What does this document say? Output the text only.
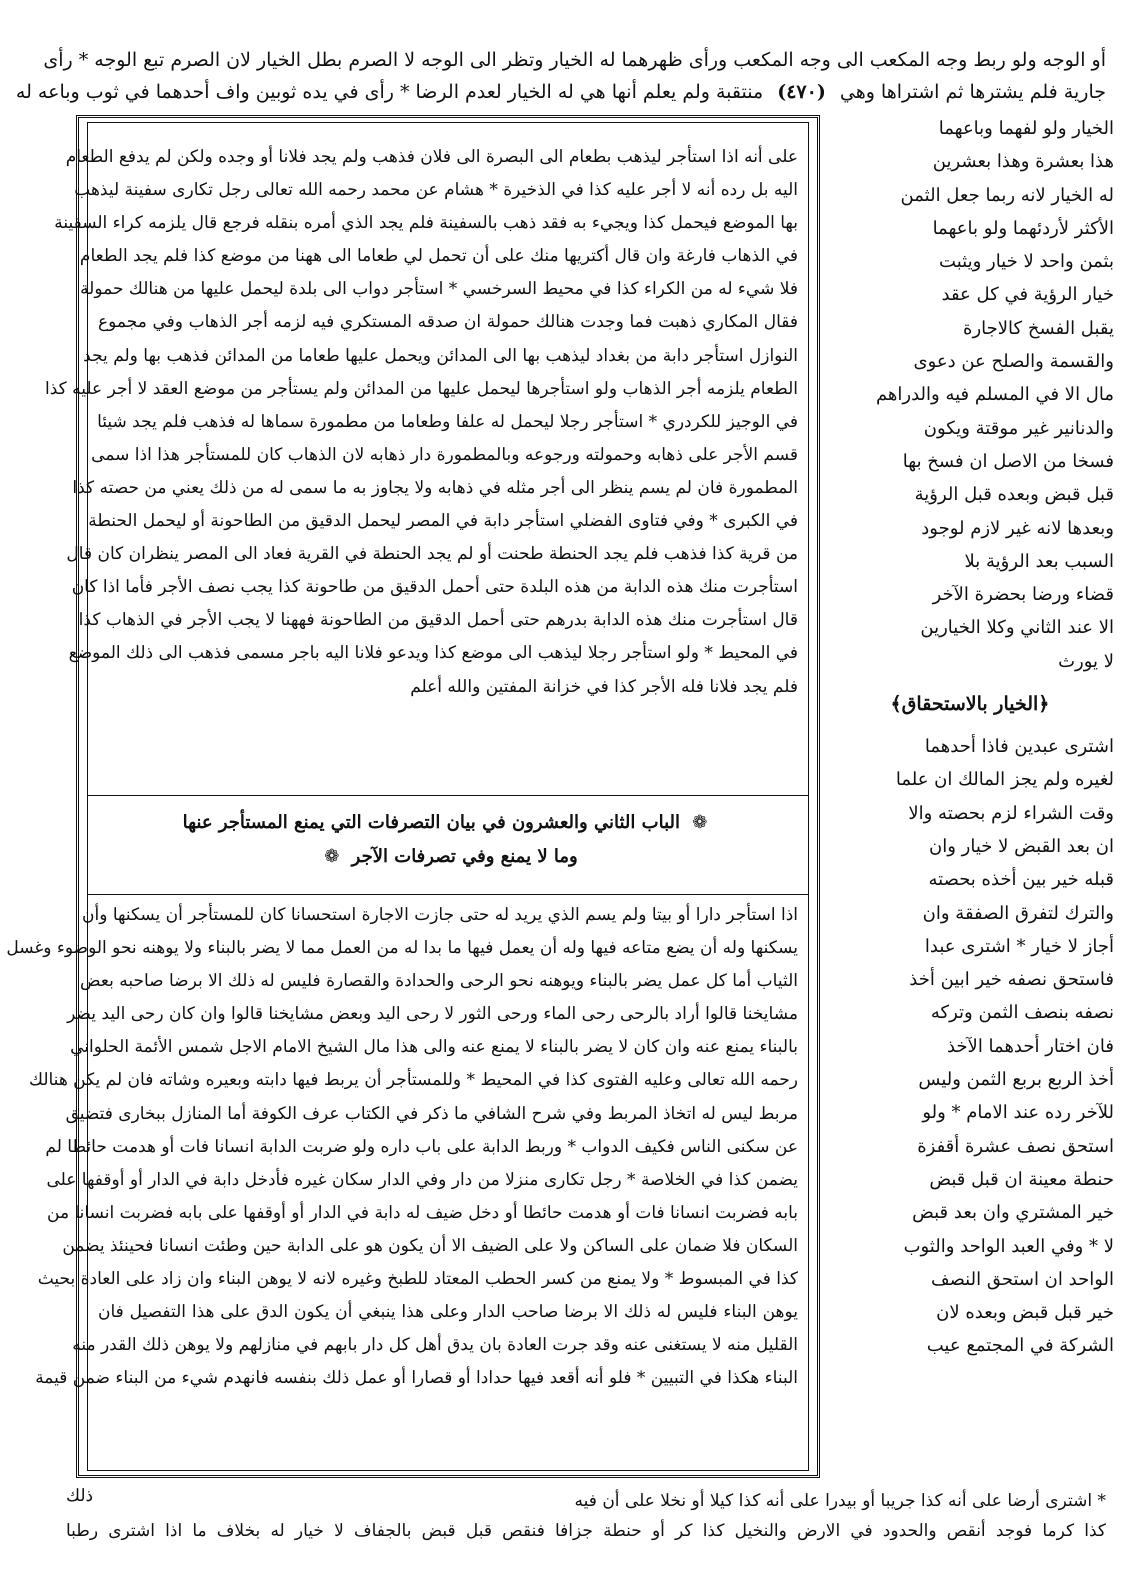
أو الوجه ولو ربط وجه المكعب الى وجه المكعب ورأى ظهرهما له الخيار وتظر الى الوجه لا الصرم بطل الخيار لان الصرم تبع الوجه * رأى
جارية فلم يشترها ثم اشتراها وهي (٤٧٠) منتقبة ولم يعلم أنها هي له الخيار لعدم الرضا * رأى في يده ثوبين واف أحدهما في ثوب وباعه له
على أنه اذا استأجر ليذهب بطعام الى البصرة الى فلان فذهب ولم يجد فلانا أو وجده ولكن لم يدفع الطعام
اليه بل رده أنه لا أجر عليه كذا في الذخيرة * هشام عن محمد رحمه الله تعالى رجل تكارى سفينة ليذهب
بها الموضع فيحمل كذا ويجيء به فقد ذهب بالسفينة فلم يجد الذي أمره بنقله فرجع قال يلزمه كراء السفينة
في الذهاب فارغة وان قال أكتريها منك على أن تحمل لي طعاما الى ههنا من موضع كذا فلم يجد الطعام
فلا شيء له من الكراء كذا في محيط السرخسي * استأجر دواب الى بلدة ليحمل عليها من هنالك حمولة
فقال المكاري ذهبت فما وجدت هنالك حمولة ان صدقه المستكري فيه لزمه أجر الذهاب وفي مجموع
النوازل استأجر دابة من بغداد ليذهب بها الى المدائن ويحمل عليها طعاما من المدائن فذهب بها ولم يجد
الطعام يلزمه أجر الذهاب ولو استأجرها ليحمل عليها من المدائن ولم يستأجر من موضع العقد لا أجر عليه كذا
في الوجيز للكردري * استأجر رجلا ليحمل له علفا وطعاما من مطمورة سماها له فذهب فلم يجد شيئا
قسم الأجر على ذهابه وحمولته ورجوعه وبالمطمورة دار ذهابه لان الذهاب كان للمستأجر هذا اذا سمى
المطمورة فان لم يسم ينظر الى أجر مثله في ذهابه ولا يجاوز به ما سمى له من ذلك يعني من حصته كذا
في الكبرى * وفي فتاوى الفضلي استأجر دابة في المصر ليحمل الدقيق من الطاحونة أو ليحمل الحنطة
من قرية كذا فذهب فلم يجد الحنطة طحنت أو لم يجد الحنطة في القرية فعاد الى المصر ينظران كان قال
استأجرت منك هذه الدابة من هذه البلدة حتى أحمل الدقيق من طاحونة كذا يجب نصف الأجر فأما اذا كان
قال استأجرت منك هذه الدابة بدرهم حتى أحمل الدقيق من الطاحونة فههنا لا يجب الأجر في الذهاب كذا
في المحيط * ولو استأجر رجلا ليذهب الى موضع كذا ويدعو فلانا اليه باجر مسمى فذهب الى ذلك الموضع
فلم يجد فلانا فله الأجر كذا في خزانة المفتين والله أعلم
❁ الباب الثاني والعشرون في بيان التصرفات التي يمنع المستأجر عنها
وما لا يمنع وفي تصرفات الآجر ❁
اذا استأجر دارا أو بيتا ولم يسم الذي يريد له حتى جازت الاجارة استحسانا كان للمستأجر أن يسكنها وأن
يسكنها وله أن يضع متاعه فيها وله أن يعمل فيها ما بدا له من العمل مما لا يضر بالبناء ولا يوهنه نحو الوضوء وغسل
الثياب أما كل عمل يضر بالبناء ويوهنه نحو الرحى والحدادة والقصارة فليس له ذلك الا برضا صاحبه بعض
مشايخنا قالوا أراد بالرحى رحى الماء ورحى الثور لا رحى اليد وبعض مشايخنا قالوا وان كان رحى اليد يضر
بالبناء يمنع عنه وان كان لا يضر بالبناء لا يمنع عنه والى هذا مال الشيخ الامام الاجل شمس الأئمة الحلواني
رحمه الله تعالى وعليه الفتوى كذا في المحيط * وللمستأجر أن يربط فيها دابته وبعيره وشاته فان لم يكن هنالك
مربط ليس له اتخاذ المربط وفي شرح الشافي ما ذكر في الكتاب عرف الكوفة أما المنازل ببخارى فتضيق
عن سكنى الناس فكيف الدواب * وربط الدابة على باب داره ولو ضربت الدابة انسانا فات أو هدمت حائطا لم
يضمن كذا في الخلاصة * رجل تكارى منزلا من دار وفي الدار سكان غيره فأدخل دابة في الدار أو أوقفها على
بابه فضربت انسانا فات أو هدمت حائطا أو دخل ضيف له دابة في الدار أو أوقفها على بابه فضربت انسانا من
السكان فلا ضمان على الساكن ولا على الضيف الا أن يكون هو على الدابة حين وطئت انسانا فحينئذ يضمن
كذا في المبسوط * ولا يمنع من كسر الحطب المعتاد للطبخ وغيره لانه لا يوهن البناء وان زاد على العادة بحيث
يوهن البناء فليس له ذلك الا برضا صاحب الدار وعلى هذا ينبغي أن يكون الدق على هذا التفصيل فان
القليل منه لا يستغنى عنه وقد جرت العادة بان يدق أهل كل دار بابهم في منازلهم ولا يوهن ذلك القدر منه
البناء هكذا في التبيين * فلو أنه أقعد فيها حدادا أو قصارا أو عمل ذلك بنفسه فانهدم شيء من البناء ضمن قيمة
الخيار ولو لفهما وباعهما
هذا بعشرة وهذا بعشرين
له الخيار لانه ربما جعل الثمن
الأكثر لأردئهما ولو باعهما
بثمن واحد لا خيار ويثبت
خيار الرؤية في كل عقد
يقبل الفسخ كالاجارة
والقسمة والصلح عن دعوى
مال الا في المسلم فيه والدراهم
والدنانير غير موقتة ويكون
فسخا من الاصل ان فسخ بها
قبل قبض وبعده قبل الرؤية
وبعدها لانه غير لازم لوجود
السبب بعد الرؤية بلا
قضاء ورضا بحضرة الآخر
الا عند الثاني وكلا الخيارين
لا يورث
﴿الخيار بالاستحقاق﴾
اشترى عبدين فاذا أحدهما
لغيره ولم يجز المالك ان علما
وقت الشراء لزم بحصته والا
ان بعد القبض لا خيار وان
قبله خير بين أخذه بحصته
والترك لتفرق الصفقة وان
أجاز لا خيار * اشترى عبدا
فاستحق نصفه خير ابين أخذ
نصفه بنصف الثمن وتركه
فان اختار أحدهما الآخذ
أخذ الربع بربع الثمن وليس
للآخر رده عند الامام * ولو
استحق نصف عشرة أقفزة
حنطة معينة ان قبل قبض
خير المشتري وان بعد قبض
لا * وفي العبد الواحد والثوب
الواحد ان استحق النصف
خير قبل قبض وبعده لان
الشركة في المجتمع عيب
* اشترى أرضا على أنه كذا جريبا أو بيدرا على أنه كذا كيلا أو نخلا على أن فيه
ذلك
كذا كرما فوجد أنقص والحدود في الارض والنخيل كذا كر أو حنطة جزافا فنقص قبل قبض بالجفاف لا خيار له بخلاف ما اذا اشترى رطبا
